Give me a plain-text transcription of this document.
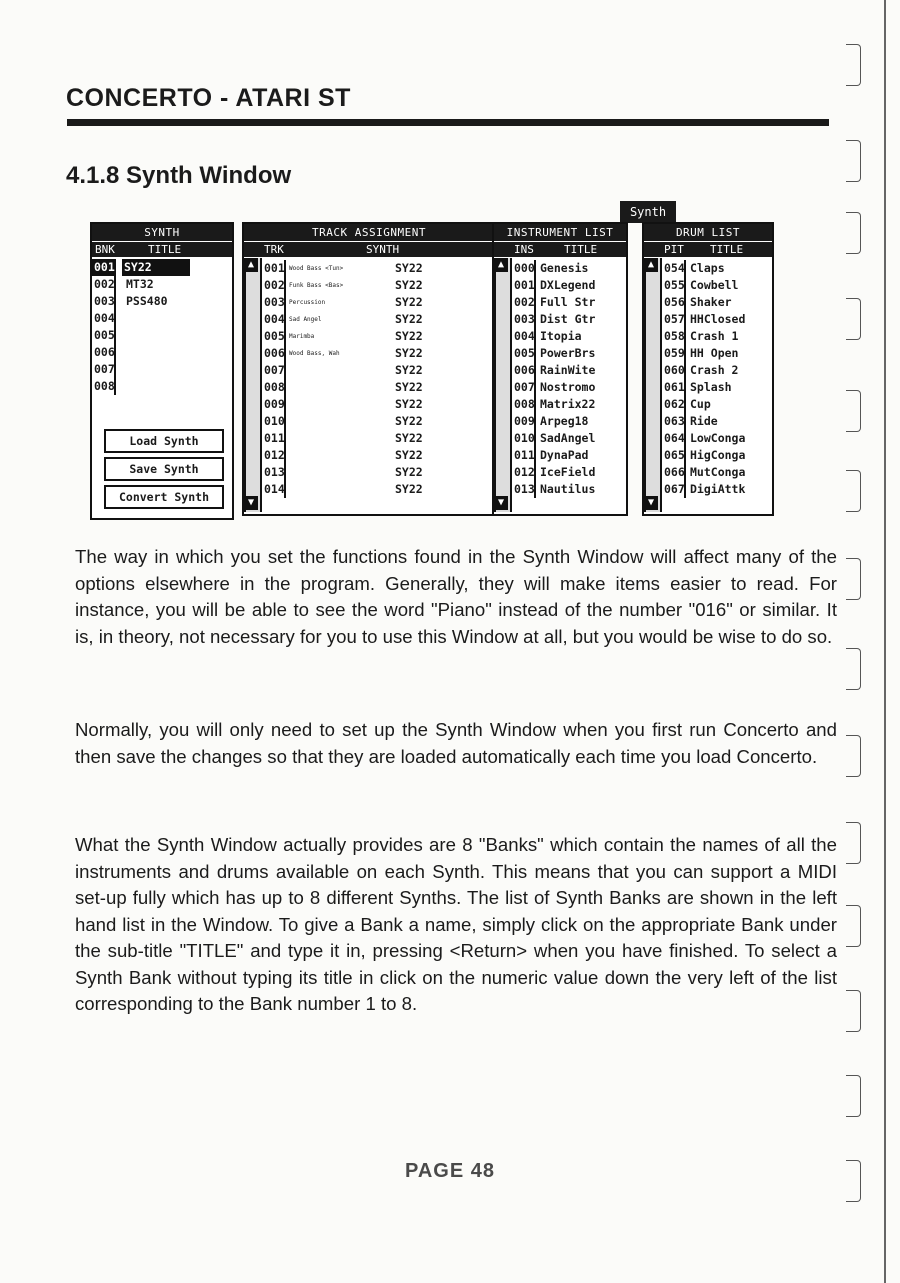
CONCERTO - ATARI ST
4.1.8 Synth Window
Synth
SYNTH
BNK	TITLE
001 SY22
002 MT32
003 PSS480
004
005
006
007
008
Load Synth
Save Synth
Convert Synth
TRACK ASSIGNMENT
TRK	SYNTH
▲
▼
001 Wood Bass <Tun>	SY22
002 Funk Bass <Bas>	SY22
003 Percussion	SY22
004 Sad Angel	SY22
005 Marimba	SY22
006 Wood Bass, Wah	SY22
007	SY22
008	SY22
009	SY22
010	SY22
011	SY22
012	SY22
013	SY22
014	SY22
INSTRUMENT LIST
INS	TITLE
▲
▼
000 Genesis
001 DXLegend
002 Full Str
003 Dist Gtr
004 Itopia
005 PowerBrs
006 RainWite
007 Nostromo
008 Matrix22
009 Arpeg18
010 SadAngel
011 DynaPad
012 IceField
013 Nautilus
DRUM LIST
PIT TITLE
▲
▼
054 Claps
055 Cowbell
056 Shaker
057 HHClosed
058 Crash 1
059 HH Open
060 Crash 2
061 Splash
062 Cup
063 Ride
064 LowConga
065 HigConga
066 MutConga
067 DigiAttk
The way in which you set the functions found in the Synth Window will affect many of the options elsewhere in the program. Generally, they will make items easier to read. For instance, you will be able to see the word "Piano" instead of the number "016" or similar. It is, in theory, not necessary for you to use this Window at all, but you would be wise to do so.
Normally, you will only need to set up the Synth Window when you first run Concerto and then save the changes so that they are loaded automatically each time you load Concerto.
What the Synth Window actually provides are 8 "Banks" which contain the names of all the instruments and drums available on each Synth. This means that you can support a MIDI set-up fully which has up to 8 different Synths. The list of Synth Banks are shown in the left hand list in the Window. To give a Bank a name, simply click on the appropriate Bank under the sub-title "TITLE" and type it in, pressing <Return> when you have finished. To select a Synth Bank without typing its title in click on the numeric value down the very left of the list corresponding to the Bank number 1 to 8.
PAGE 48
